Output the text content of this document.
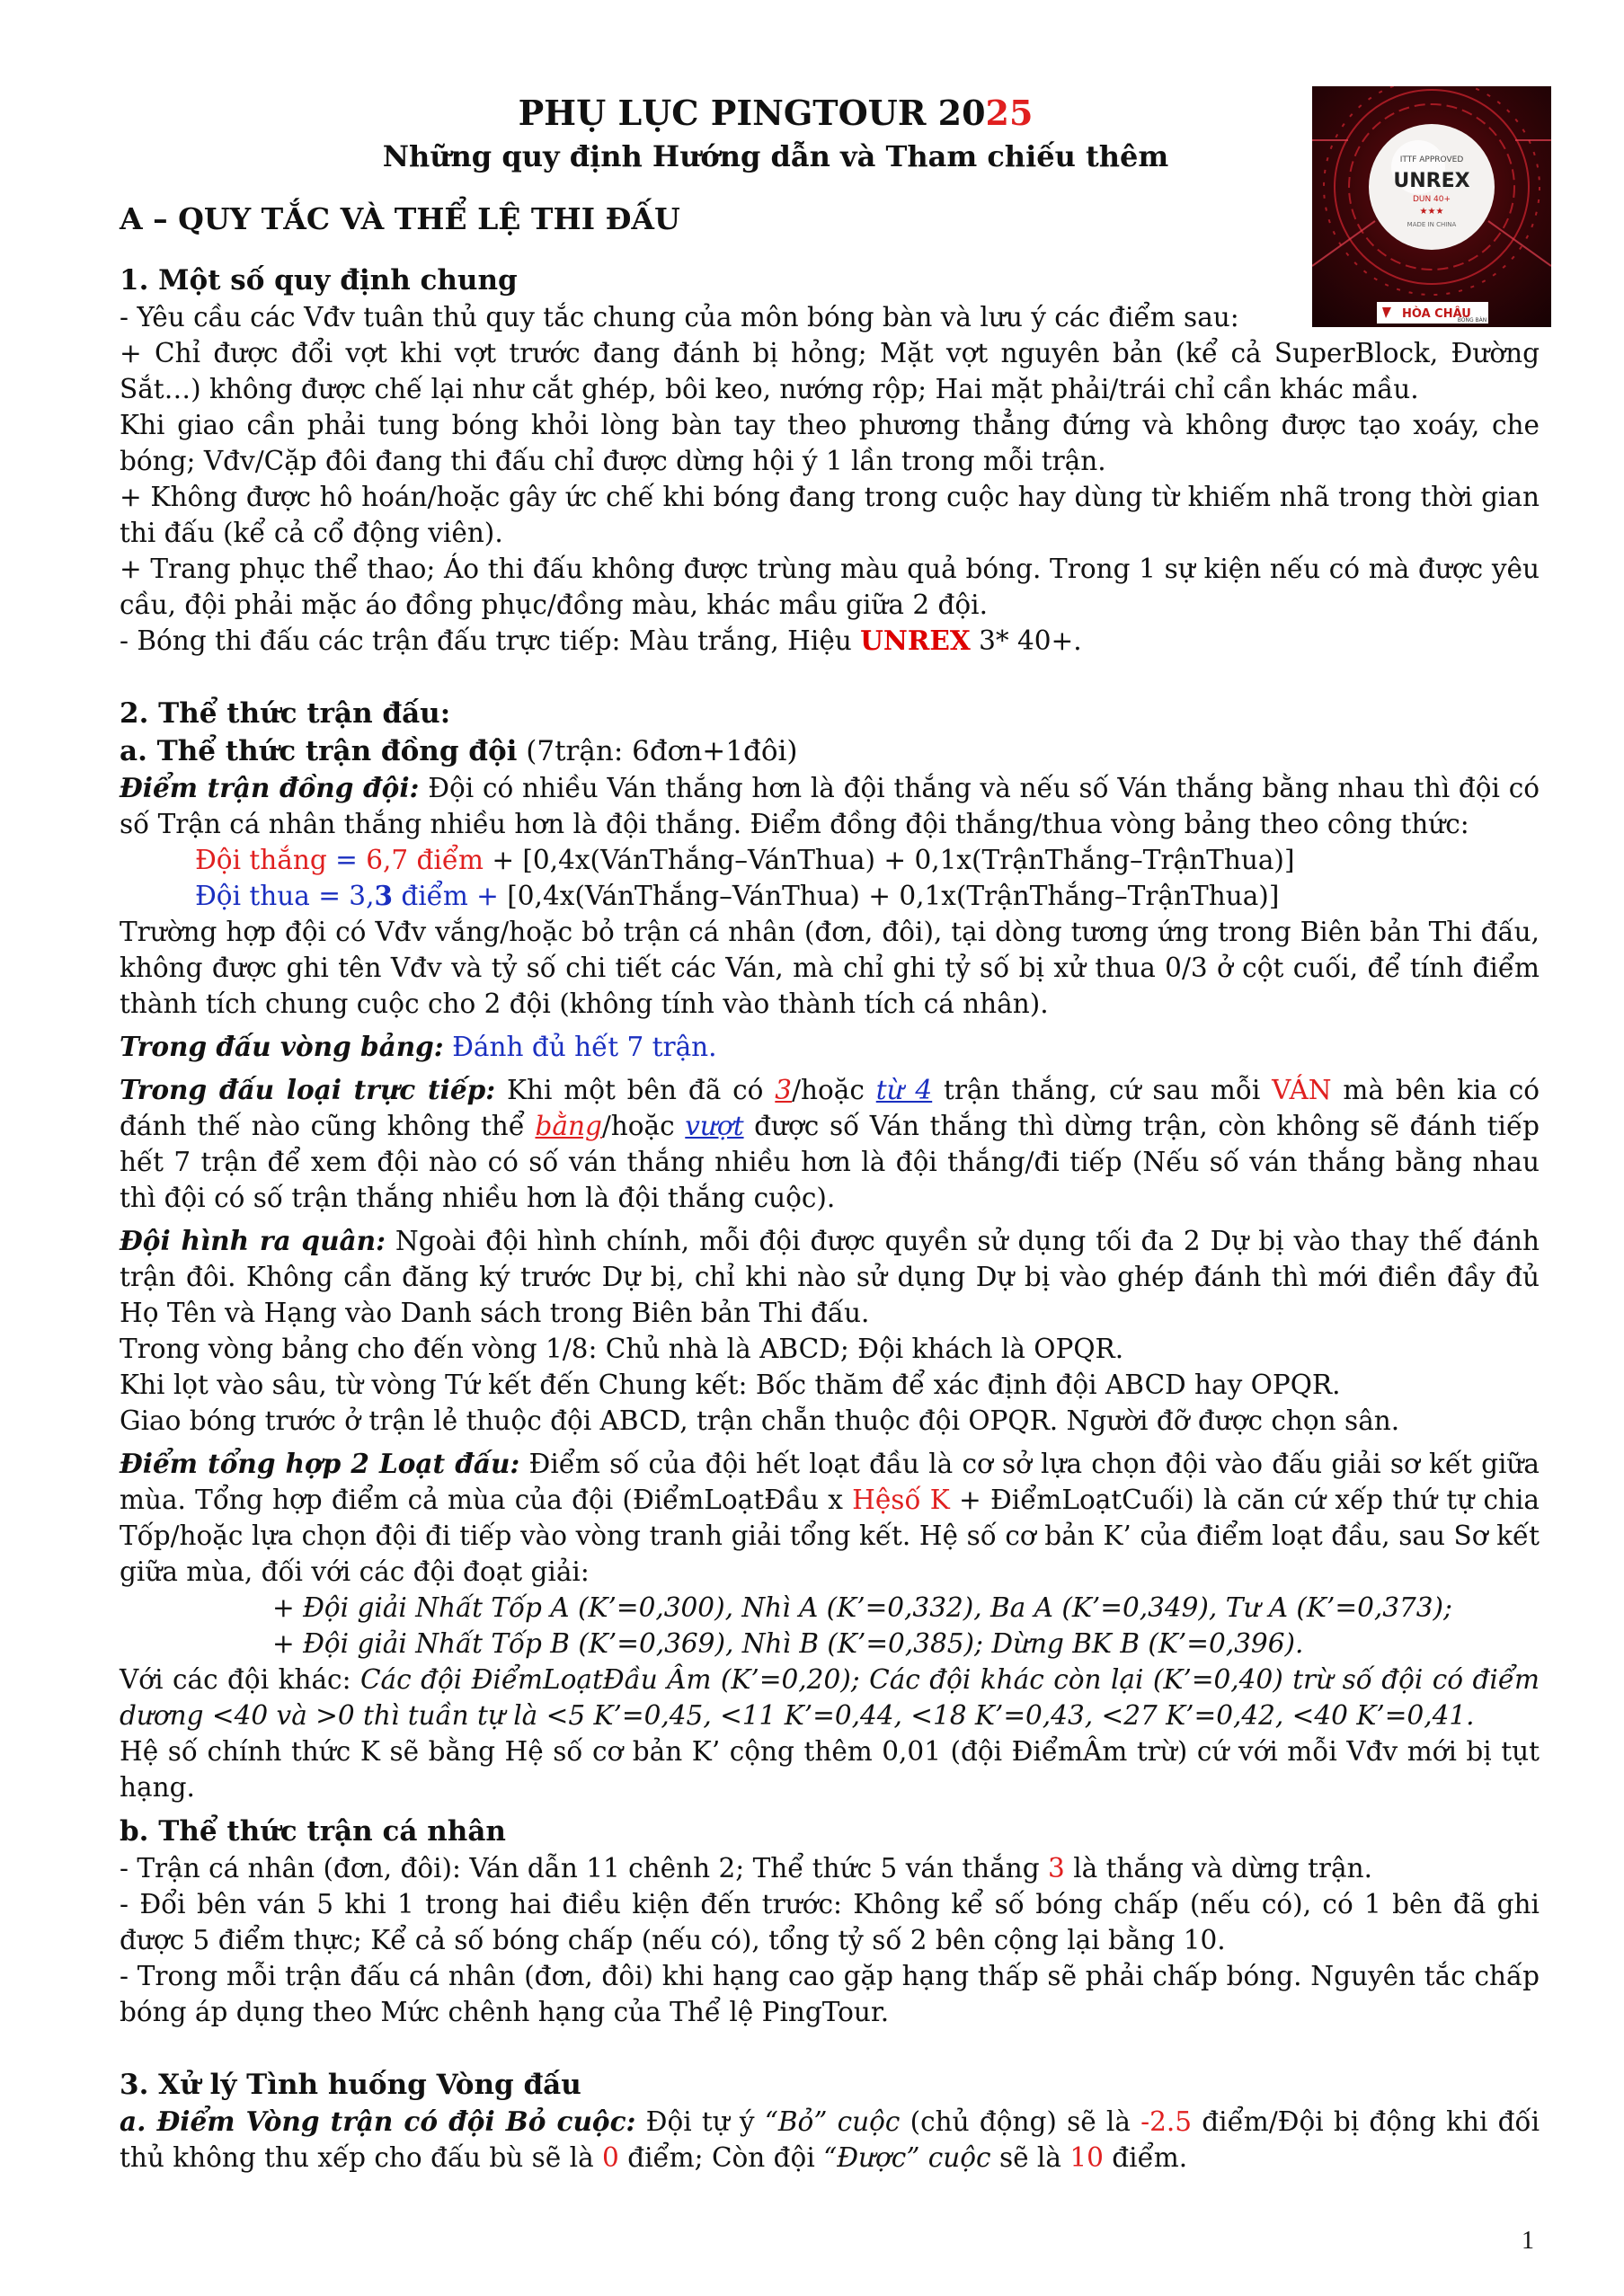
ITTF APPROVED
UNREX
DUN 40+
★★★
MADE IN CHINA
HÒA CHÂU
BÓNG BÀN

PHỤ LỤC PINGTOUR 2025

Những quy định Hướng dẫn và Tham chiếu thêm

A – QUY TẮC VÀ THỂ LỆ THI ĐẤU
1. Một số quy định chung

- Yêu cầu các Vđv tuân thủ quy tắc chung của môn bóng bàn và lưu ý các điểm sau:

+ Chỉ được đổi vợt khi vợt trước đang đánh bị hỏng; Mặt vợt nguyên bản (kể cả SuperBlock, Đường Sắt…) không được chế lại như cắt ghép, bôi keo, nướng rộp; Hai mặt phải/trái chỉ cần khác mầu.

Khi giao cần phải tung bóng khỏi lòng bàn tay theo phương thẳng đứng và không được tạo xoáy, che bóng; Vđv/Cặp đôi đang thi đấu chỉ được dừng hội ý 1 lần trong mỗi trận.

+ Không được hô hoán/hoặc gây ức chế khi bóng đang trong cuộc hay dùng từ khiếm nhã trong thời gian thi đấu (kể cả cổ động viên).

+ Trang phục thể thao; Áo thi đấu không được trùng màu quả bóng. Trong 1 sự kiện nếu có mà được yêu cầu, đội phải mặc áo đồng phục/đồng màu, khác mầu giữa 2 đội.

- Bóng thi đấu các trận đấu trực tiếp: Màu trắng, Hiệu UNREX 3* 40+.

2. Thể thức trận đấu:
a. Thể thức trận đồng đội (7trận: 6đơn+1đôi)

Điểm trận đồng đội: Đội có nhiều Ván thắng hơn là đội thắng và nếu số Ván thắng bằng nhau thì đội có số Trận cá nhân thắng nhiều hơn là đội thắng. Điểm đồng đội thắng/thua vòng bảng theo công thức:

Đội thắng = 6,7 điểm + [0,4x(VánThắng–VánThua) + 0,1x(TrậnThắng–TrậnThua)]

Đội thua = 3,3 điểm + [0,4x(VánThắng–VánThua) + 0,1x(TrậnThắng–TrậnThua)]

Trường hợp đội có Vđv vắng/hoặc bỏ trận cá nhân (đơn, đôi), tại dòng tương ứng trong Biên bản Thi đấu, không được ghi tên Vđv và tỷ số chi tiết các Ván, mà chỉ ghi tỷ số bị xử thua 0/3 ở cột cuối, để tính điểm thành tích chung cuộc cho 2 đội (không tính vào thành tích cá nhân).

Trong đấu vòng bảng: Đánh đủ hết 7 trận.

Trong đấu loại trực tiếp: Khi một bên đã có 3/hoặc từ 4 trận thắng, cứ sau mỗi VÁN mà bên kia có đánh thế nào cũng không thể bằng/hoặc vượt được số Ván thắng thì dừng trận, còn không sẽ đánh tiếp hết 7 trận để xem đội nào có số ván thắng nhiều hơn là đội thắng/đi tiếp (Nếu số ván thắng bằng nhau thì đội có số trận thắng nhiều hơn là đội thắng cuộc).

Đội hình ra quân: Ngoài đội hình chính, mỗi đội được quyền sử dụng tối đa 2 Dự bị vào thay thế đánh trận đôi. Không cần đăng ký trước Dự bị, chỉ khi nào sử dụng Dự bị vào ghép đánh thì mới điền đầy đủ Họ Tên và Hạng vào Danh sách trong Biên bản Thi đấu.

Trong vòng bảng cho đến vòng 1/8: Chủ nhà là ABCD; Đội khách là OPQR.

Khi lọt vào sâu, từ vòng Tứ kết đến Chung kết: Bốc thăm để xác định đội ABCD hay OPQR.

Giao bóng trước ở trận lẻ thuộc đội ABCD, trận chẵn thuộc đội OPQR. Người đỡ được chọn sân.

Điểm tổng hợp 2 Loạt đấu: Điểm số của đội hết loạt đầu là cơ sở lựa chọn đội vào đấu giải sơ kết giữa mùa. Tổng hợp điểm cả mùa của đội (ĐiểmLoạtĐầu x Hệsố K + ĐiểmLoạtCuối) là căn cứ xếp thứ tự chia Tốp/hoặc lựa chọn đội đi tiếp vào vòng tranh giải tổng kết. Hệ số cơ bản K’ của điểm loạt đầu, sau Sơ kết giữa mùa, đối với các đội đoạt giải:

+ Đội giải Nhất Tốp A (K’=0,300), Nhì A (K’=0,332), Ba A (K’=0,349), Tư A (K’=0,373);

+ Đội giải Nhất Tốp B (K’=0,369), Nhì B (K’=0,385); Dừng BK B (K’=0,396).

Với các đội khác: Các đội ĐiểmLoạtĐầu Âm (K’=0,20); Các đội khác còn lại (K’=0,40) trừ số đội có điểm dương <40 và >0 thì tuần tự là <5 K’=0,45, <11 K’=0,44, <18 K’=0,43, <27 K’=0,42, <40 K’=0,41.

Hệ số chính thức K sẽ bằng Hệ số cơ bản K’ cộng thêm 0,01 (đội ĐiểmÂm trừ) cứ với mỗi Vđv mới bị tụt hạng.

b. Thể thức trận cá nhân

- Trận cá nhân (đơn, đôi): Ván dẫn 11 chênh 2; Thể thức 5 ván thắng 3 là thắng và dừng trận.

- Đổi bên ván 5 khi 1 trong hai điều kiện đến trước: Không kể số bóng chấp (nếu có), có 1 bên đã ghi được 5 điểm thực; Kể cả số bóng chấp (nếu có), tổng tỷ số 2 bên cộng lại bằng 10.

- Trong mỗi trận đấu cá nhân (đơn, đôi) khi hạng cao gặp hạng thấp sẽ phải chấp bóng. Nguyên tắc chấp bóng áp dụng theo Mức chênh hạng của Thể lệ PingTour.

3. Xử lý Tình huống Vòng đấu

a. Điểm Vòng trận có đội Bỏ cuộc: Đội tự ý “Bỏ” cuộc (chủ động) sẽ là -2.5 điểm/Đội bị động khi đối thủ không thu xếp cho đấu bù sẽ là 0 điểm; Còn đội “Được” cuộc sẽ là 10 điểm.

1
